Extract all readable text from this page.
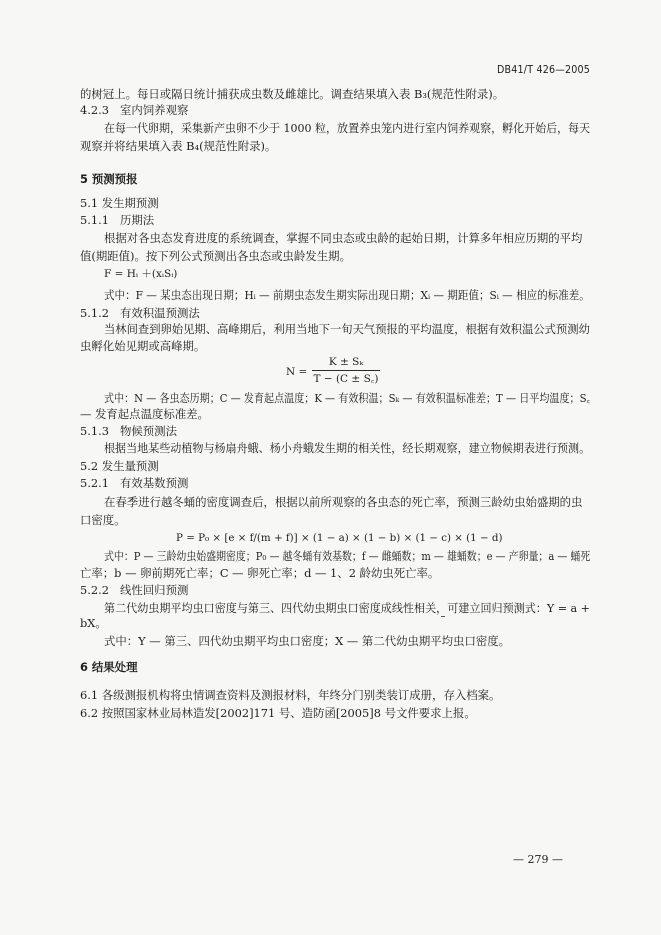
DB41/T 426—2005
的树冠上。每日或隔日统计捕获成虫数及雌雄比。调查结果填入表 B₃(规范性附录)。
4.2.3 室内饲养观察
在每一代卵期，采集新产虫卵不少于 1000 粒，放置养虫笼内进行室内饲养观察，孵化开始后，每天
观察并将结果填入表 B₄(规范性附录)。
5 预测预报
5.1 发生期预测
5.1.1 历期法
根据对各虫态发育进度的系统调查，掌握不同虫态或虫龄的起始日期，计算多年相应历期的平均
值(期距值)。按下列公式预测出各虫态或虫龄发生期。
F = Hᵢ ＋(xᵢSᵢ)
式中：F — 某虫态出现日期；Hᵢ — 前期虫态发生期实际出现日期；Xᵢ — 期距值；Sᵢ — 相应的标准差。
5.1.2 有效积温预测法
当林间查到卵始见期、高峰期后，利用当地下一旬天气预报的平均温度，根据有效积温公式预测幼
虫孵化始见期或高峰期。
N =
K ± Sₖ
T − (C ± S꜀)
式中：N — 各虫态历期；C — 发育起点温度；K — 有效积温；Sₖ — 有效积温标准差；T — 日平均温度；S꜀
— 发育起点温度标准差。
5.1.3 物候预测法
根据当地某些动植物与杨扇舟蛾、杨小舟蛾发生期的相关性，经长期观察，建立物候期表进行预测。
5.2 发生量预测
5.2.1 有效基数预测
在春季进行越冬蛹的密度调查后，根据以前所观察的各虫态的死亡率，预测三龄幼虫始盛期的虫
口密度。
P = P₀ × [e × f/(m + f)] × (1 − a) × (1 − b) × (1 − c) × (1 − d)
式中：P — 三龄幼虫始盛期密度；P₀ — 越冬蛹有效基数；f — 雌蛹数；m — 雄蛹数；e — 产卵量；a — 蛹死
亡率；b — 卵前期死亡率；C — 卵死亡率；d — 1、2 龄幼虫死亡率。
5.2.2 线性回归预测
第二代幼虫期平均虫口密度与第三、四代幼虫期虫口密度成线性相关，可建立回归预测式：Y = a +
bX。
式中：Y — 第三、四代幼虫期平均虫口密度；X — 第二代幼虫期平均虫口密度。
6 结果处理
6.1 各级测报机构将虫情调查资料及测报材料，年终分门别类装订成册，存入档案。
6.2 按照国家林业局林造发[2002]171 号、造防函[2005]8 号文件要求上报。
— 279 —
